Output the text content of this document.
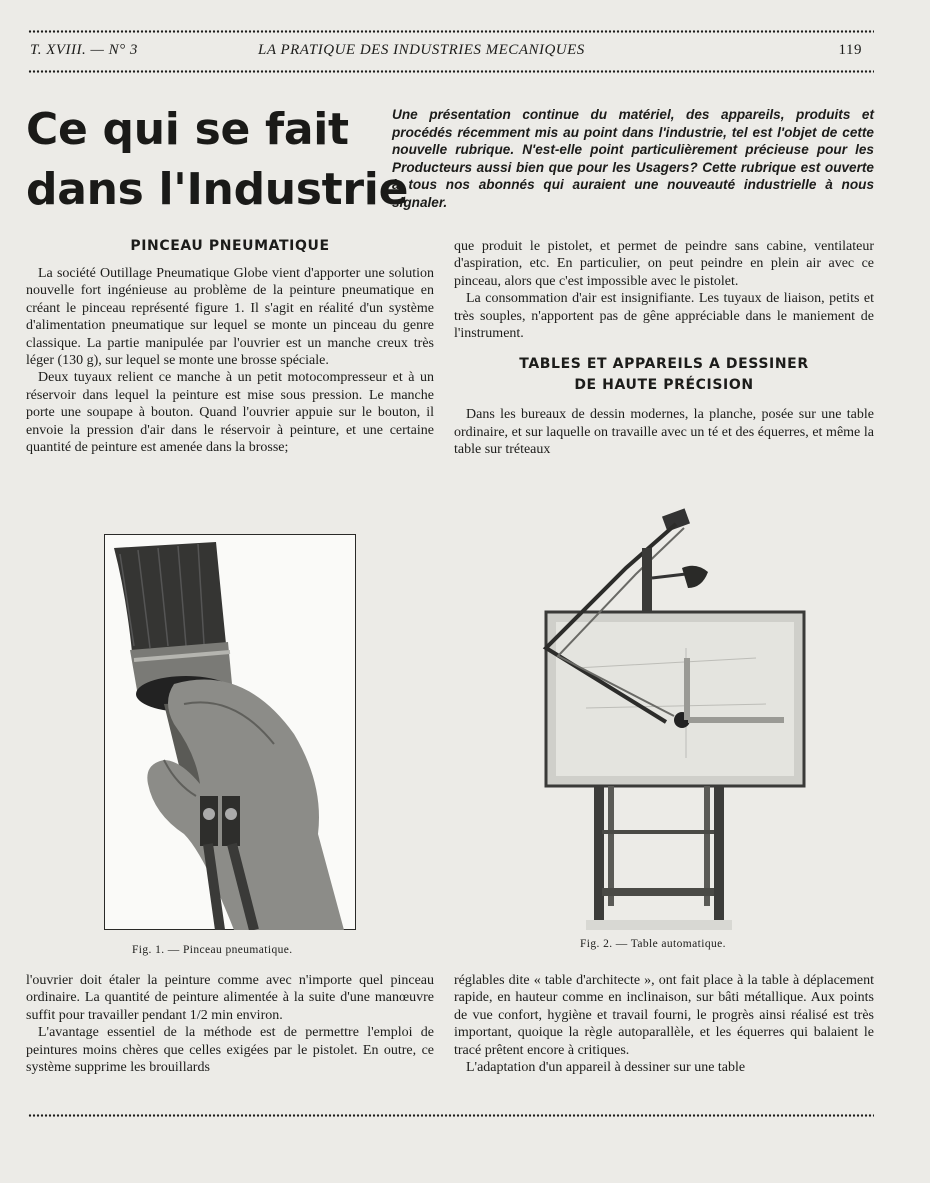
T. XVIII. — N° 3	LA PRATIQUE DES INDUSTRIES MECANIQUES	119
Ce qui se fait
dans l'Industrie
Une présentation continue du matériel, des appareils, produits et procédés récemment mis au point dans l'industrie, tel est l'objet de cette nouvelle rubrique. N'est-elle point particulièrement précieuse pour les Producteurs aussi bien que pour les Usagers? Cette rubrique est ouverte à tous nos abonnés qui auraient une nouveauté industrielle à nous signaler.
PINCEAU PNEUMATIQUE

La société Outillage Pneumatique Globe vient d'apporter une solution nouvelle fort ingénieuse au problème de la peinture pneumatique en créant le pinceau représenté figure 1. Il s'agit en réalité d'un système d'alimentation pneumatique sur lequel se monte un pinceau du genre classique. La partie manipulée par l'ouvrier est un manche creux très léger (130 g), sur lequel se monte une brosse spéciale.

Deux tuyaux relient ce manche à un petit motocompresseur et à un réservoir dans lequel la peinture est mise sous pression. Le manche porte une soupape à bouton. Quand l'ouvrier appuie sur le bouton, il envoie la pression d'air dans le réservoir à peinture, et une certaine quantité de peinture est amenée dans la brosse;

que produit le pistolet, et permet de peindre sans cabine, ventilateur d'aspiration, etc. En particulier, on peut peindre en plein air avec ce pinceau, alors que c'est impossible avec le pistolet.

La consommation d'air est insignifiante. Les tuyaux de liaison, petits et très souples, n'apportent pas de gêne appréciable dans le maniement de l'instrument.

TABLES ET APPAREILS A DESSINER
DE HAUTE PRÉCISION

Dans les bureaux de dessin modernes, la planche, posée sur une table ordinaire, et sur laquelle on travaille avec un té et des équerres, et même la table sur tréteaux

Fig. 1. — Pinceau pneumatique.	Fig. 2. — Table automatique.

l'ouvrier doit étaler la peinture comme avec n'importe quel pinceau ordinaire. La quantité de peinture alimentée à la suite d'une manœuvre suffit pour travailler pendant 1/2 min environ.

L'avantage essentiel de la méthode est de permettre l'emploi de peintures moins chères que celles exigées par le pistolet. En outre, ce système supprime les brouillards

réglables dite « table d'architecte », ont fait place à la table à déplacement rapide, en hauteur comme en inclinaison, sur bâti métallique. Aux points de vue confort, hygiène et travail fourni, le progrès ainsi réalisé est très important, quoique la règle autoparallèle, et les équerres qui balaient le tracé prêtent encore à critiques.

L'adaptation d'un appareil à dessiner sur une table
